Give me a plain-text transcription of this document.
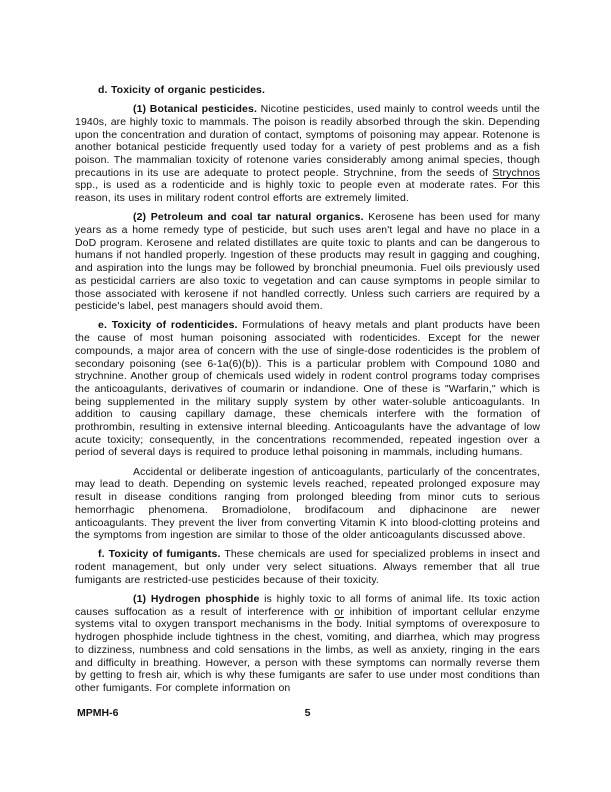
d. Toxicity of organic pesticides.

(1) Botanical pesticides. Nicotine pesticides, used mainly to control weeds until the 1940s, are highly toxic to mammals. The poison is readily absorbed through the skin. Depending upon the concentration and duration of contact, symptoms of poisoning may appear. Rotenone is another botanical pesticide frequently used today for a variety of pest problems and as a fish poison. The mammalian toxicity of rotenone varies considerably among animal species, though precautions in its use are adequate to protect people. Strychnine, from the seeds of Strychnos spp., is used as a rodenticide and is highly toxic to people even at moderate rates. For this reason, its uses in military rodent control efforts are extremely limited.

(2) Petroleum and coal tar natural organics. Kerosene has been used for many years as a home remedy type of pesticide, but such uses aren't legal and have no place in a DoD program. Kerosene and related distillates are quite toxic to plants and can be dangerous to humans if not handled properly. Ingestion of these products may result in gagging and coughing, and aspiration into the lungs may be followed by bronchial pneumonia. Fuel oils previously used as pesticidal carriers are also toxic to vegetation and can cause symptoms in people similar to those associated with kerosene if not handled correctly. Unless such carriers are required by a pesticide's label, pest managers should avoid them.

e. Toxicity of rodenticides. Formulations of heavy metals and plant products have been the cause of most human poisoning associated with rodenticides. Except for the newer compounds, a major area of concern with the use of single-dose rodenticides is the problem of secondary poisoning (see 6-1a(6)(b)). This is a particular problem with Compound 1080 and strychnine. Another group of chemicals used widely in rodent control programs today comprises the anticoagulants, derivatives of coumarin or indandione. One of these is "Warfarin," which is being supplemented in the military supply system by other water-soluble anticoagulants. In addition to causing capillary damage, these chemicals interfere with the formation of prothrombin, resulting in extensive internal bleeding. Anticoagulants have the advantage of low acute toxicity; consequently, in the concentrations recommended, repeated ingestion over a period of several days is required to produce lethal poisoning in mammals, including humans.

Accidental or deliberate ingestion of anticoagulants, particularly of the concentrates, may lead to death. Depending on systemic levels reached, repeated prolonged exposure may result in disease conditions ranging from prolonged bleeding from minor cuts to serious hemorrhagic phenomena. Bromadiolone, brodifacoum and diphacinone are newer anticoagulants. They prevent the liver from converting Vitamin K into blood-clotting proteins and the symptoms from ingestion are similar to those of the older anticoagulants discussed above.

f. Toxicity of fumigants. These chemicals are used for specialized problems in insect and rodent management, but only under very select situations. Always remember that all true fumigants are restricted-use pesticides because of their toxicity.

(1) Hydrogen phosphide is highly toxic to all forms of animal life. Its toxic action causes suffocation as a result of interference with or inhibition of important cellular enzyme systems vital to oxygen transport mechanisms in the body. Initial symptoms of overexposure to hydrogen phosphide include tightness in the chest, vomiting, and diarrhea, which may progress to dizziness, numbness and cold sensations in the limbs, as well as anxiety, ringing in the ears and difficulty in breathing. However, a person with these symptoms can normally reverse them by getting to fresh air, which is why these fumigants are safer to use under most conditions than other fumigants. For complete information on

MPMH-6	5
